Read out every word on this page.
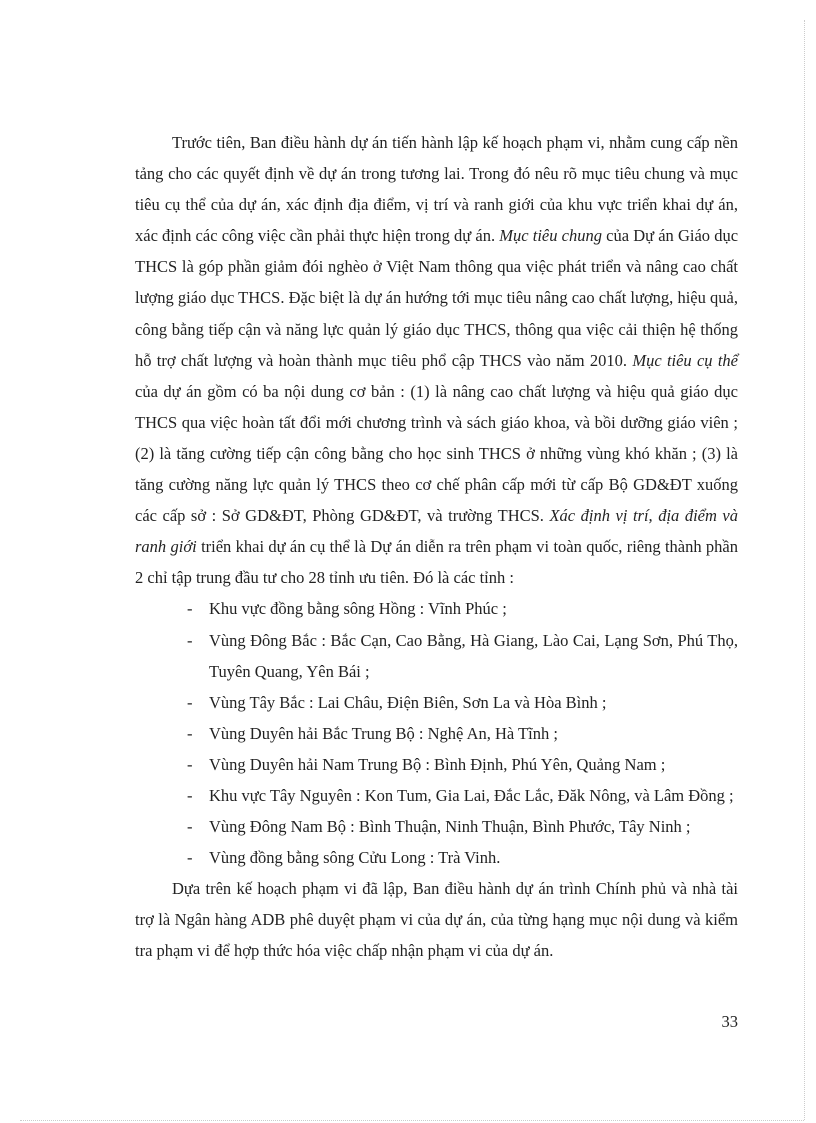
Trước tiên, Ban điều hành dự án tiến hành lập kế hoạch phạm vi, nhằm cung cấp nền tảng cho các quyết định về dự án trong tương lai. Trong đó nêu rõ mục tiêu chung và mục tiêu cụ thể của dự án, xác định địa điểm, vị trí và ranh giới của khu vực triển khai dự án, xác định các công việc cần phải thực hiện trong dự án. Mục tiêu chung của Dự án Giáo dục THCS là góp phần giảm đói nghèo ở Việt Nam thông qua việc phát triển và nâng cao chất lượng giáo dục THCS. Đặc biệt là dự án hướng tới mục tiêu nâng cao chất lượng, hiệu quả, công bằng tiếp cận và năng lực quản lý giáo dục THCS, thông qua việc cải thiện hệ thống hỗ trợ chất lượng và hoàn thành mục tiêu phổ cập THCS vào năm 2010. Mục tiêu cụ thể của dự án gồm có ba nội dung cơ bản : (1) là nâng cao chất lượng và hiệu quả giáo dục THCS qua việc hoàn tất đổi mới chương trình và sách giáo khoa, và bồi dưỡng giáo viên ; (2) là tăng cường tiếp cận công bằng cho học sinh THCS ở những vùng khó khăn ; (3) là tăng cường năng lực quản lý THCS theo cơ chế phân cấp mới từ cấp Bộ GD&ĐT xuống các cấp sở : Sở GD&ĐT, Phòng GD&ĐT, và trường THCS. Xác định vị trí, địa điểm và ranh giới triển khai dự án cụ thể là Dự án diễn ra trên phạm vi toàn quốc, riêng thành phần 2 chỉ tập trung đầu tư cho 28 tỉnh ưu tiên. Đó là các tỉnh :

- Khu vực đồng bằng sông Hồng : Vĩnh Phúc ;
- Vùng Đông Bắc : Bắc Cạn, Cao Bằng, Hà Giang, Lào Cai, Lạng Sơn, Phú Thọ, Tuyên Quang, Yên Bái ;
- Vùng Tây Bắc : Lai Châu, Điện Biên, Sơn La và Hòa Bình ;
- Vùng Duyên hải Bắc Trung Bộ : Nghệ An, Hà Tĩnh ;
- Vùng Duyên hải Nam Trung Bộ : Bình Định, Phú Yên, Quảng Nam ;
- Khu vực Tây Nguyên : Kon Tum, Gia Lai, Đắc Lắc, Đăk Nông, và Lâm Đồng ;
- Vùng Đông Nam Bộ : Bình Thuận, Ninh Thuận, Bình Phước, Tây Ninh ;
- Vùng đồng bằng sông Cửu Long : Trà Vinh.

Dựa trên kế hoạch phạm vi đã lập, Ban điều hành dự án trình Chính phủ và nhà tài trợ là Ngân hàng ADB phê duyệt phạm vi của dự án, của từng hạng mục nội dung và kiểm tra phạm vi để hợp thức hóa việc chấp nhận phạm vi của dự án.

33
